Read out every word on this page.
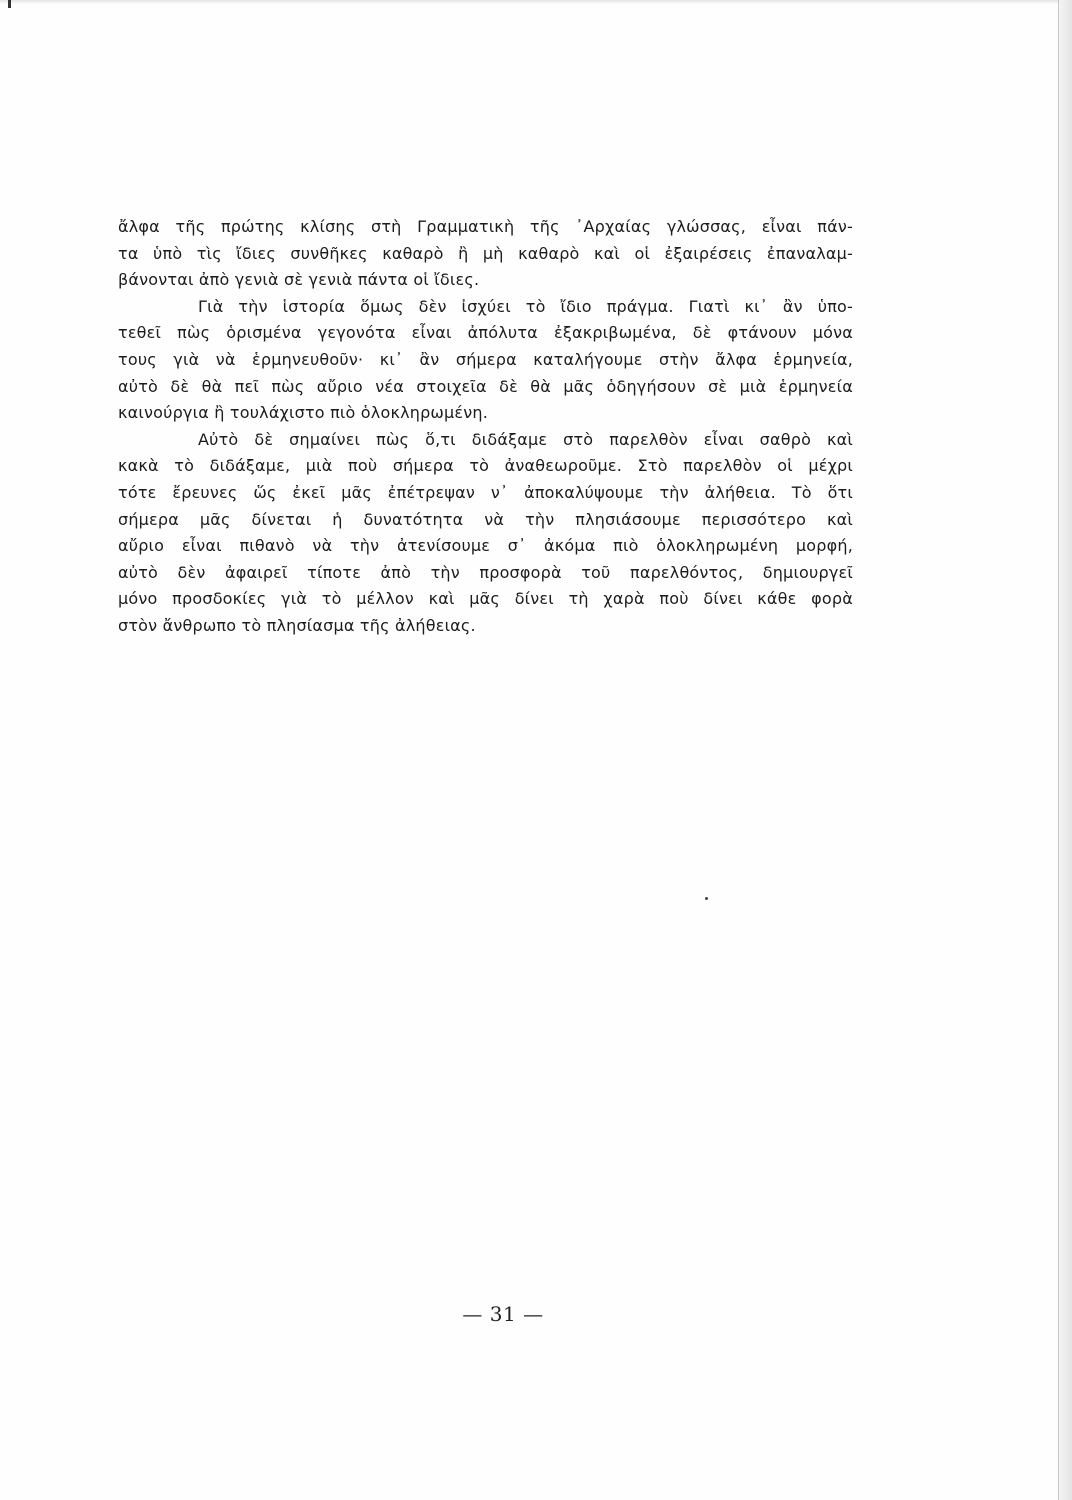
ἄλφα τῆς πρώτης κλίσης στὴ Γραμματικὴ τῆς ᾽Αρχαίας γλώσσας, εἶναι πάν-
τα ὑπὸ τὶς ἴδιες συνθῆκες καθαρὸ ἢ μὴ καθαρὸ καὶ οἱ ἐξαιρέσεις ἐπαναλαμ-
βάνονται ἀπὸ γενιὰ σὲ γενιὰ πάντα οἱ ἴδιες.
Γιὰ τὴν ἱστορία ὅμως δὲν ἰσχύει τὸ ἴδιο πράγμα. Γιατὶ κι᾽ ἂν ὑπο-
τεθεῖ πὼς ὁρισμένα γεγονότα εἶναι ἀπόλυτα ἐξακριβωμένα, δὲ φτάνουν μόνα
τους γιὰ νὰ ἑρμηνευθοῦν· κι᾽ ἂν σήμερα καταλήγουμε στὴν ἄλφα ἑρμηνεία,
αὐτὸ δὲ θὰ πεῖ πὼς αὔριο νέα στοιχεῖα δὲ θὰ μᾶς ὁδηγήσουν σὲ μιὰ ἑρμηνεία
καινούργια ἢ τουλάχιστο πιὸ ὁλοκληρωμένη.
Αὐτὸ δὲ σημαίνει πὼς ὅ,τι διδάξαμε στὸ παρελθὸν εἶναι σαθρὸ καὶ
κακὰ τὸ διδάξαμε, μιὰ ποὺ σήμερα τὸ ἀναθεωροῦμε. Στὸ παρελθὸν οἱ μέχρι
τότε ἔρευνες ὥς ἐκεῖ μᾶς ἐπέτρεψαν ν᾽ ἀποκαλύψουμε τὴν ἀλήθεια. Τὸ ὅτι
σήμερα μᾶς δίνεται ἡ δυνατότητα νὰ τὴν πλησιάσουμε περισσότερο καὶ
αὔριο εἶναι πιθανὸ νὰ τὴν ἀτενίσουμε σ᾽ ἀκόμα πιὸ ὁλοκληρωμένη μορφή,
αὐτὸ δὲν ἀφαιρεῖ τίποτε ἀπὸ τὴν προσφορὰ τοῦ παρελθόντος, δημιουργεῖ
μόνο προσδοκίες γιὰ τὸ μέλλον καὶ μᾶς δίνει τὴ χαρὰ ποὺ δίνει κάθε φορὰ
στὸν ἄνθρωπο τὸ πλησίασμα τῆς ἀλήθειας.
— 31 —
